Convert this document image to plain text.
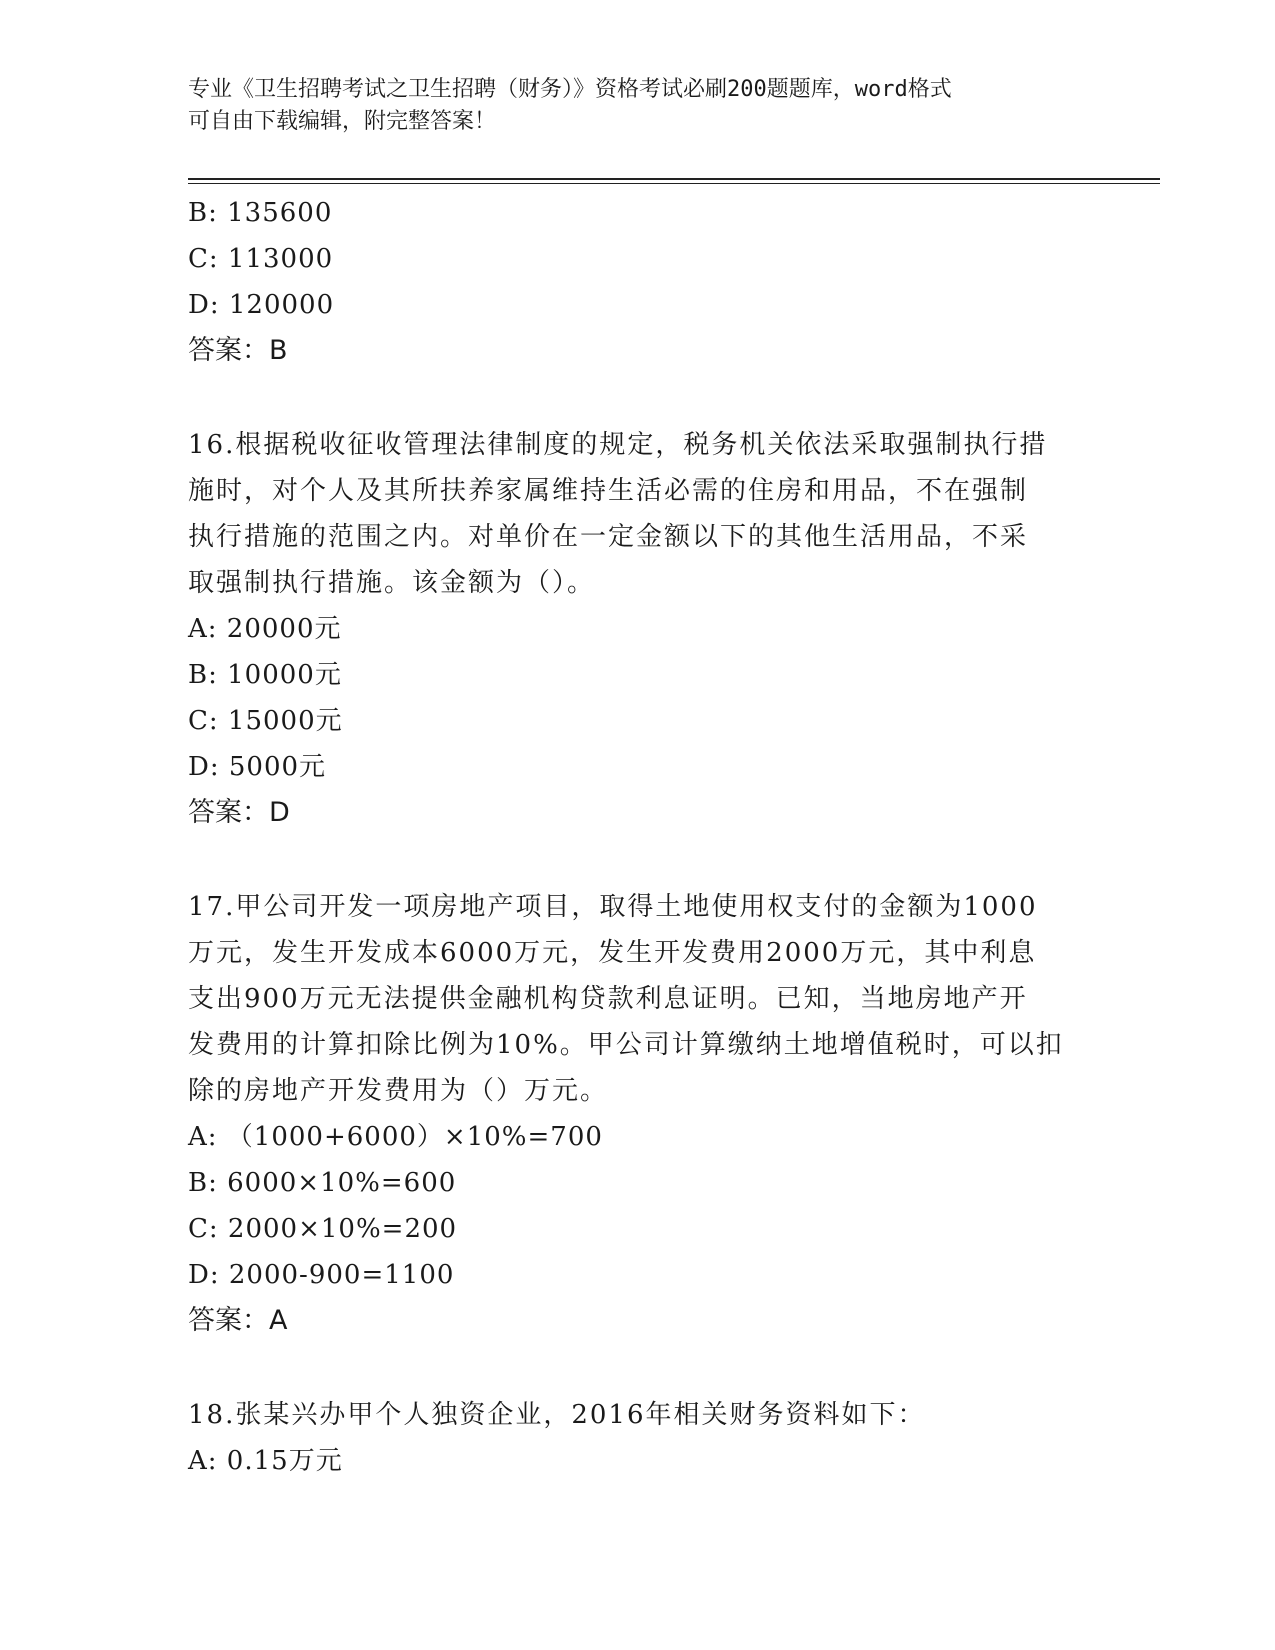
专业《卫生招聘考试之卫生招聘（财务）》资格考试必刷200题题库，word格式
可自由下载编辑，附完整答案！
B: 135600
C: 113000
D: 120000
答案：B
16.根据税收征收管理法律制度的规定，税务机关依法采取强制执行措
施时，对个人及其所扶养家属维持生活必需的住房和用品，不在强制
执行措施的范围之内。对单价在一定金额以下的其他生活用品，不采
取强制执行措施。该金额为（）。
A: 20000元
B: 10000元
C: 15000元
D: 5000元
答案：D
17.甲公司开发一项房地产项目，取得土地使用权支付的金额为1000
万元，发生开发成本6000万元，发生开发费用2000万元，其中利息
支出900万元无法提供金融机构贷款利息证明。已知，当地房地产开
发费用的计算扣除比例为10%。甲公司计算缴纳土地增值税时，可以扣
除的房地产开发费用为（）万元。
A: （1000+6000）×10%=700
B: 6000×10%=600
C: 2000×10%=200
D: 2000-900=1100
答案：A
18.张某兴办甲个人独资企业，2016年相关财务资料如下：
A: 0.15万元
